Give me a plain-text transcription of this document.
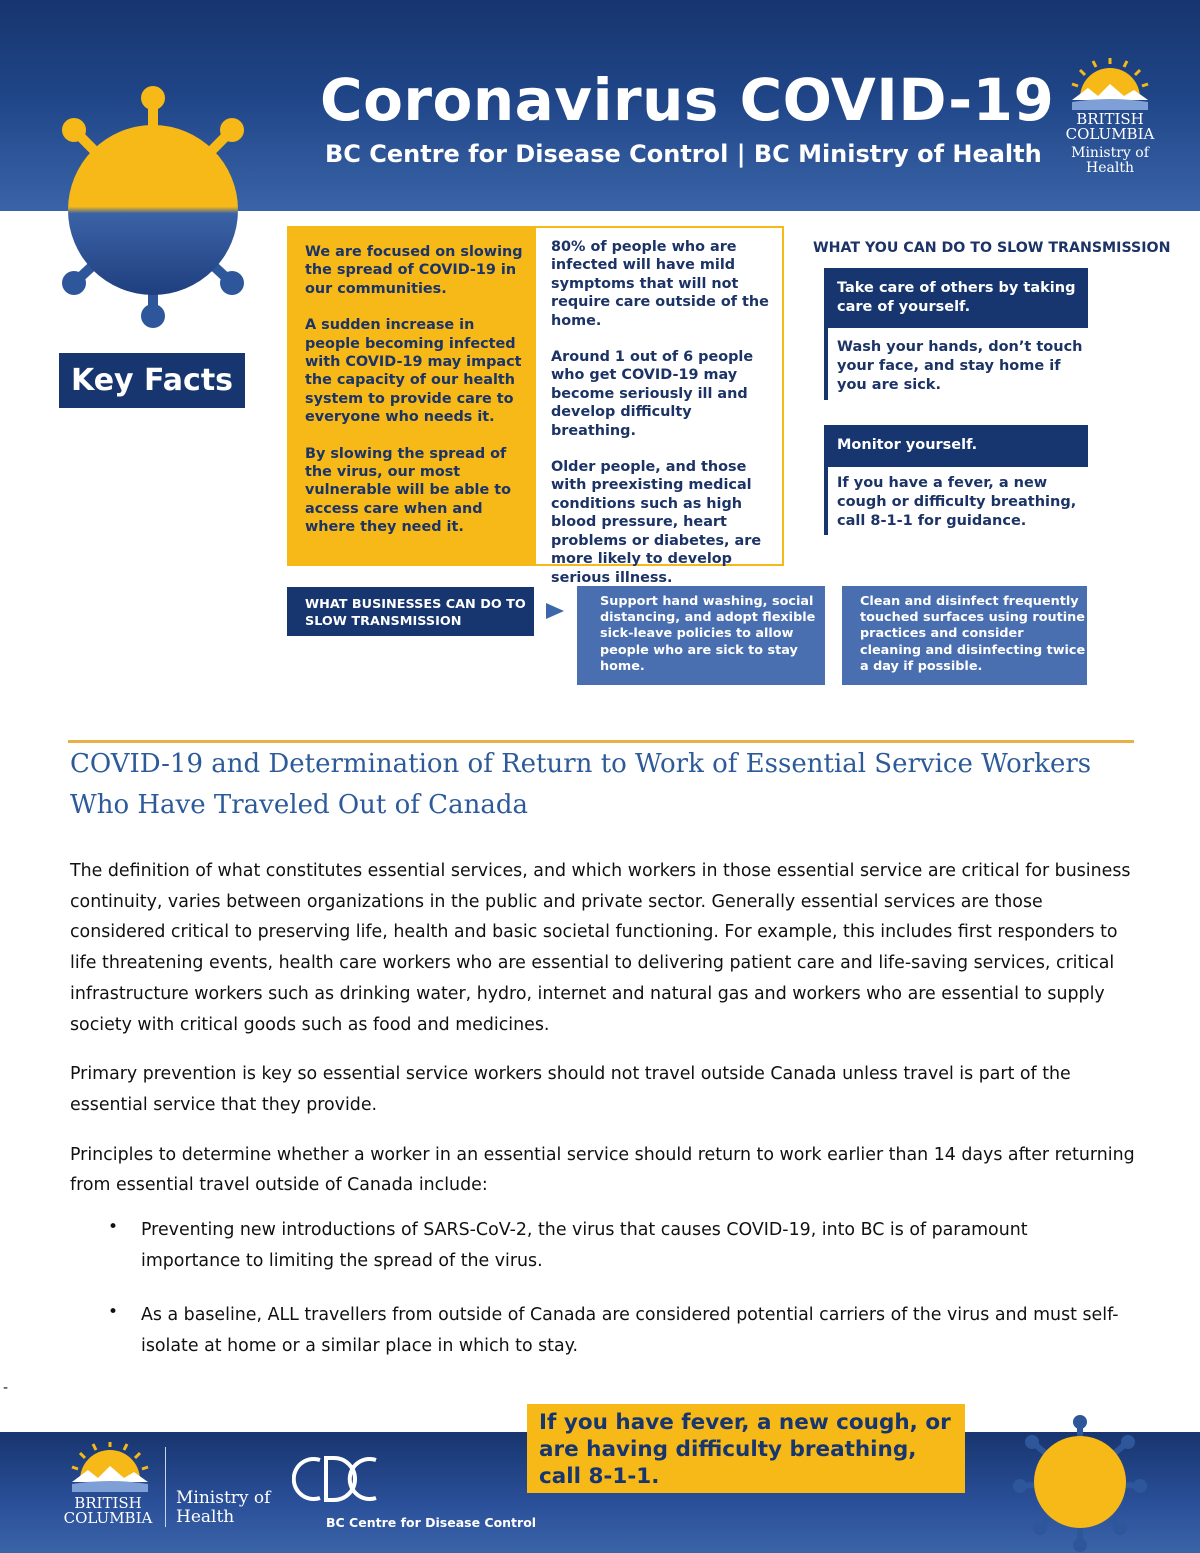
Coronavirus COVID-19
BC Centre for Disease Control | BC Ministry of Health
BRITISH
COLUMBIA
Ministry of
Health
Key Facts

We are focused on slowing the spread of COVID-19 in our communities.

A sudden increase in people becoming infected with COVID-19 may impact the capacity of our health system to provide care to everyone who needs it.

By slowing the spread of the virus, our most vulnerable will be able to access care when and where they need it.

80% of people who are infected will have mild symptoms that will not require care outside of the home.

Around 1 out of 6 people who get COVID-19 may become seriously ill and develop difficulty breathing.

Older people, and those with preexisting medical conditions such as high blood pressure, heart problems or diabetes, are more likely to develop serious illness.

WHAT YOU CAN DO TO SLOW TRANSMISSION
Take care of others by taking care of yourself.
Wash your hands, don’t touch your face, and stay home if you are sick.
Monitor yourself.
If you have a fever, a new cough or difficulty breathing, call 8-1-1 for guidance.
WHAT BUSINESSES CAN DO TO SLOW TRANSMISSION
Support hand washing, social distancing, and adopt flexible sick-leave policies to allow people who are sick to stay home.
Clean and disinfect frequently touched surfaces using routine practices and consider cleaning and disinfecting twice a day if possible.
COVID-19 and Determination of Return to Work of Essential Service Workers Who Have Traveled Out of Canada

The definition of what constitutes essential services, and which workers in those essential service are critical for business continuity, varies between organizations in the public and private sector. Generally essential services are those considered critical to preserving life, health and basic societal functioning. For example, this includes first responders to life threatening events, health care workers who are essential to delivering patient care and life-saving services, critical infrastructure workers such as drinking water, hydro, internet and natural gas and workers who are essential to supply society with critical goods such as food and medicines.

Primary prevention is key so essential service workers should not travel outside Canada unless travel is part of the essential service that they provide.

Principles to determine whether a worker in an essential service should return to work earlier than 14 days after returning from essential travel outside of Canada include:

• Preventing new introductions of SARS-CoV-2, the virus that causes COVID-19, into BC is of paramount importance to limiting the spread of the virus.
• As a baseline, ALL travellers from outside of Canada are considered potential carriers of the virus and must self-isolate at home or a similar place in which to stay.
-
If you have fever, a new cough, or are having difficulty breathing, call 8-1-1.
BRITISH
COLUMBIA
Ministry of
Health	BC Centre for Disease Control
